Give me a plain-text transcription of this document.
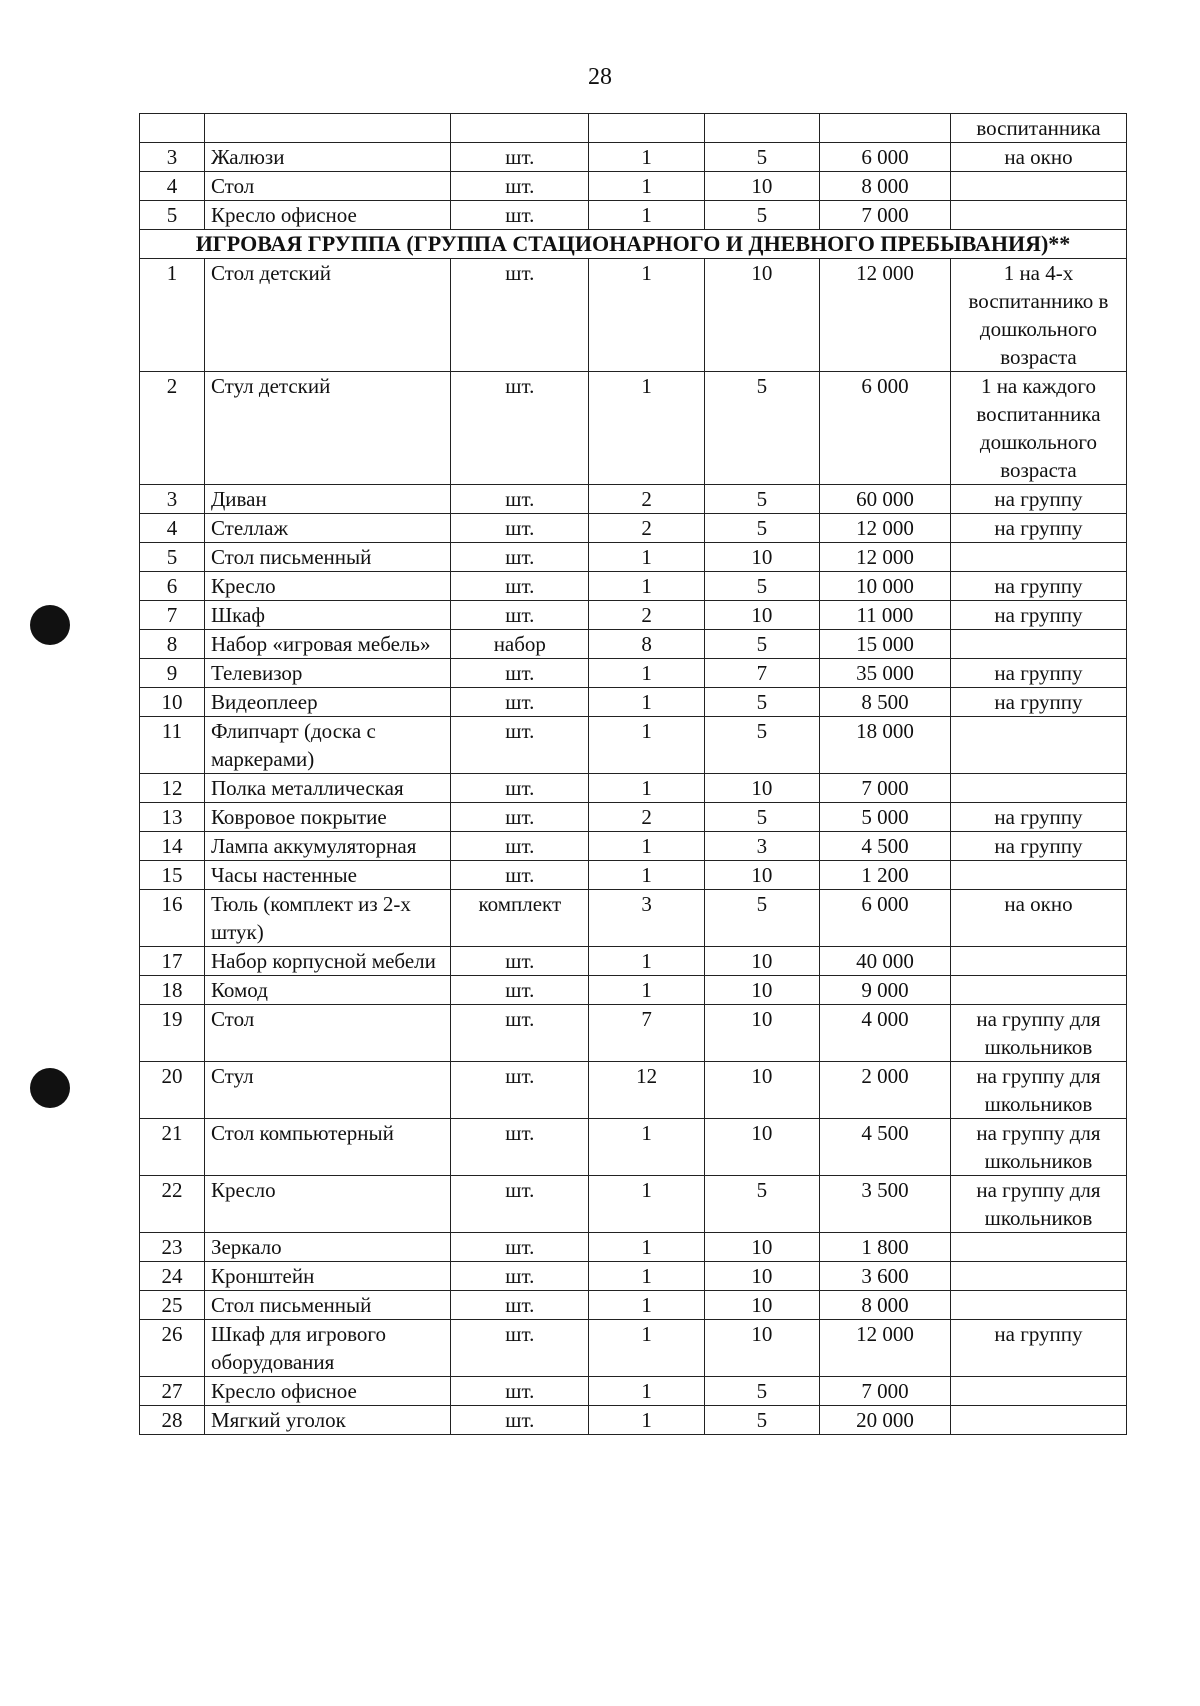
28
						воспитанника
3	Жалюзи	шт.	1	5	6 000	на окно
4	Стол	шт.	1	10	8 000	
5	Кресло офисное	шт.	1	5	7 000	
ИГРОВАЯ ГРУППА (ГРУППА СТАЦИОНАРНОГО И ДНЕВНОГО ПРЕБЫВАНИЯ)**						
1	Стол детский	шт.	1	10	12 000	1 на 4-х воспитаннико в дошкольного возраста
2	Стул детский	шт.	1	5	6 000	1 на каждого воспитанника дошкольного возраста
3	Диван	шт.	2	5	60 000	на группу
4	Стеллаж	шт.	2	5	12 000	на группу
5	Стол письменный	шт.	1	10	12 000	
6	Кресло	шт.	1	5	10 000	на группу
7	Шкаф	шт.	2	10	11 000	на группу
8	Набор «игровая мебель»	набор	8	5	15 000	
9	Телевизор	шт.	1	7	35 000	на группу
10	Видеоплеер	шт.	1	5	8 500	на группу
11	Флипчарт (доска с маркерами)	шт.	1	5	18 000	
12	Полка металлическая	шт.	1	10	7 000	
13	Ковровое покрытие	шт.	2	5	5 000	на группу
14	Лампа аккумуляторная	шт.	1	3	4 500	на группу
15	Часы настенные	шт.	1	10	1 200	
16	Тюль (комплект из 2-х штук)	комплект	3	5	6 000	на окно
17	Набор корпусной мебели	шт.	1	10	40 000	
18	Комод	шт.	1	10	9 000	
19	Стол	шт.	7	10	4 000	на группу для школьников
20	Стул	шт.	12	10	2 000	на группу для школьников
21	Стол компьютерный	шт.	1	10	4 500	на группу для школьников
22	Кресло	шт.	1	5	3 500	на группу для школьников
23	Зеркало	шт.	1	10	1 800	
24	Кронштейн	шт.	1	10	3 600	
25	Стол письменный	шт.	1	10	8 000	
26	Шкаф для игрового оборудования	шт.	1	10	12 000	на группу
27	Кресло офисное	шт.	1	5	7 000	
28	Мягкий уголок	шт.	1	5	20 000	
